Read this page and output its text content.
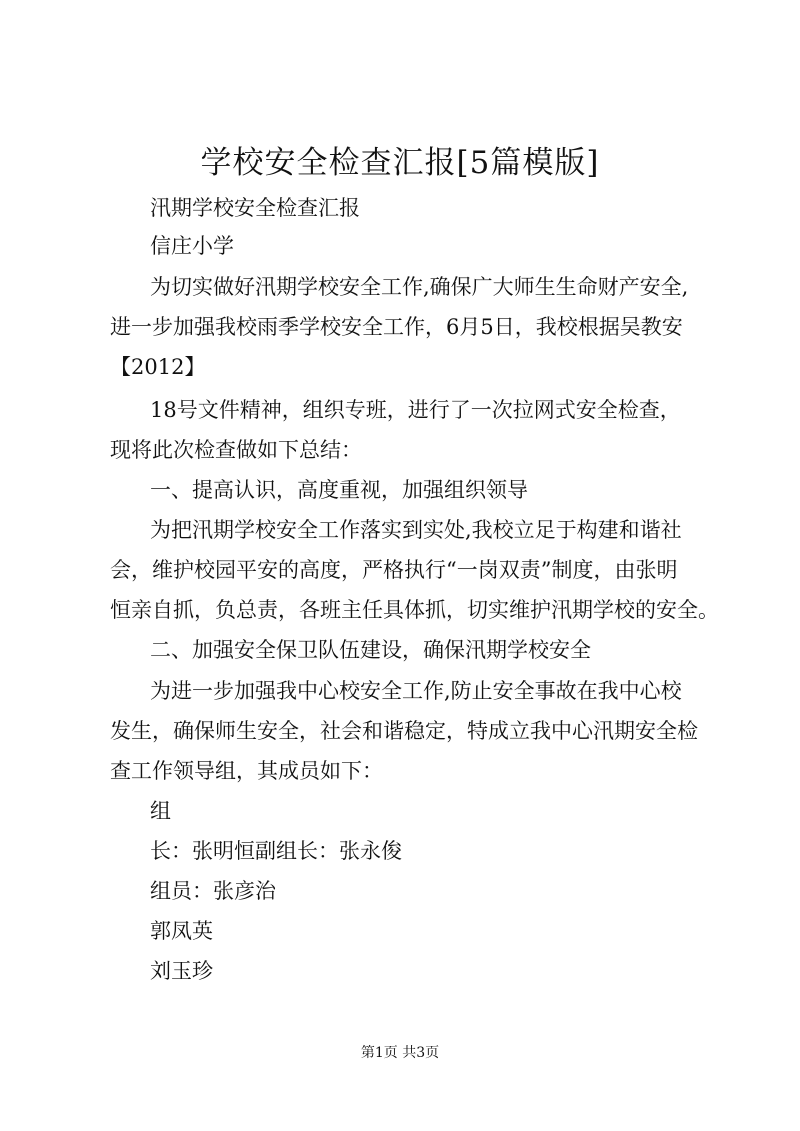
学校安全检查汇报[5篇模版]
汛期学校安全检查汇报
信庄小学
为切实做好汛期学校安全工作,确保广大师生生命财产安全,
进一步加强我校雨季学校安全工作，6月5日，我校根据吴教安
【2012】
18号文件精神，组织专班，进行了一次拉网式安全检查，
现将此次检查做如下总结：
一、提高认识，高度重视，加强组织领导
为把汛期学校安全工作落实到实处,我校立足于构建和谐社
会，维护校园平安的高度，严格执行“一岗双责”制度，由张明
恒亲自抓，负总责，各班主任具体抓，切实维护汛期学校的安全。
二、加强安全保卫队伍建设，确保汛期学校安全
为进一步加强我中心校安全工作,防止安全事故在我中心校
发生，确保师生安全，社会和谐稳定，特成立我中心汛期安全检
查工作领导组，其成员如下：
组
长：张明恒副组长：张永俊
组员：张彦治
郭凤英
刘玉珍
第1页 共3页
